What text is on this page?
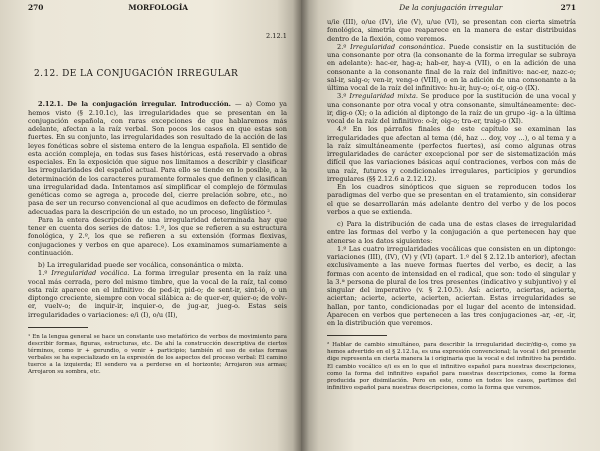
270	MORFOLOGÍA
2.12.1
2.12. DE LA CONJUGACIÓN IRREGULAR

2.12.1. De la conjugación irregular. Introducción. — a) Como ya hemos visto (§ 2.10.1c), las irregularidades que se presentan en la conjugación española, con raras excepciones de que hablaremos más adelante, afectan a la raíz verbal. Son pocos los casos en que estas son fuertes. En su conjunto, las irregularidades son resultado de la acción de las leyes fonéticas sobre el sistema entero de la lengua española. El sentido de esta acción compleja, en todas sus fases históricas, está reservado a obras especiales. En la exposición que sigue nos limitamos a describir y clasificar las irregularidades del español actual. Para ello se tiende en lo posible, a la determinación de los caracteres puramente formales que definen y clasifican una irregularidad dada. Intentamos así simplificar el complejo de fórmulas genéticas como se agrega a, procede del, cierre prelación sobre, etc., no pasa de ser un recurso convencional al que acudimos en defecto de fórmulas adecuadas para la descripción de un estado, no un proceso, lingüístico ².

Para la entera descripción de una irregularidad determinada hay que tener en cuenta dos series de datos: 1.º, los que se refieren a su estructura fonológica, y 2.º, los que se refieren a su extensión (formas flexivas, conjugaciones y verbos en que aparece). Los examinamos sumariamente a continuación.

b) La irregularidad puede ser vocálica, consonántica o mixta.

1.º Irregularidad vocálica. La forma irregular presenta en la raíz una vocal más cerrada, pero del mismo timbre, que la vocal de la raíz, tal como esta raíz aparece en el infinitivo: de ped-ir, pid-o; de sent-ir, sint-ió, o un diptongo creciente, siempre con vocal silábica a: de quer-er, quier-o; de volv-er, vuelv-o; de inquir-ir, inquier-o, de jug-ar, jueg-o. Estas seis irregularidades o variaciones: e/i (I), o/u (II),

¹ En la lengua general se hace un constante uso metafórico de verbos de movimiento para describir formas, figuras, estructuras, etc. De ahí la construcción descriptiva de ciertos términos, como ir + gerundio, o venir + participio; también el uso de estas formas verbales se ha especializado en la expresión de los aspectos del proceso verbal: El camino tuerce a la izquierda; El sendero va a perderse en el horizonte; Arrojaron sus armas; Arrojaron su sombra, etc.

De la conjugación irregular	271

u/ie (III), o/ue (IV), i/ie (V), u/ue (VI), se presentan con cierta simetría fonológica, simetría que reaparece en la manera de estar distribuidas dentro de la flexión, como veremos.

2.º Irregularidad consonántica. Puede consistir en la sustitución de una consonante por otra (la consonante de la forma irregular se subraya en adelante): hac-er, hag-a; hab-er, hay-a (VII), o en la adición de una consonante a la consonante final de la raíz del infinitivo: nac-er, nazc-o; sal-ir, salg-o; ven-ir, veng-o (VIII), o en la adición de una consonante a la última vocal de la raíz del infinitivo: hu-ir, huy-o; oí-r, oig-o (IX).

3.º Irregularidad mixta. Se produce por la sustitución de una vocal y una consonante por otra vocal y otra consonante, simultáneamente: dec-ir, dig-o (X); o la adición al diptongo de la raíz de un grupo -ig- a la última vocal de la raíz del infinitivo: o-ír, oig-o; tra-er, traig-o (XI).

4.º En los párrafos finales de este capítulo se examinan las irregularidades que afectan al tema (dé, haz ... doy, voy ...), o al tema y a la raíz simultáneamente (perfectos fuertes), así como algunas otras irregularidades de carácter excepcional por ser de sistematización más difícil que las variaciones básicas aquí contraciones, verbos con más de una raíz, futuros y condicionales irregulares, participios y gerundios irregulares (§§ 2.12.6 a 2.12.12).

En los cuadros sinópticos que siguen se reproducen todos los paradigmas del verbo que se presentan en el tratamiento, sin considerar el que se desarrollarán más adelante dentro del verbo y de los pocos verbos a que se extienda.

c) Para la distribución de cada una de estas clases de irregularidad entre las formas del verbo y la conjugación a que pertenecen hay que atenerse a los datos siguientes:

1.º Las cuatro irregularidades vocálicas que consisten en un diptongo: variaciones (III), (IV), (V) y (VI) (apart. 1.º del § 2.12.1b anterior), afectan exclusivamente a las nueve formas fuertes del verbo, es decir, a las formas con acento de intensidad en el radical, que son: todo el singular y la 3.ª persona de plural de los tres presentes (indicativo y subjuntivo) y el singular del imperativo (v. § 2.10.5). Así: acierto, aciertas, acierta, aciertan; acierte, acierte, acierten, aciertan. Estas irregularidades se hallan, por tanto, condicionadas por el lugar del acento de intensidad. Aparecen en verbos que pertenecen a las tres conjugaciones -ar, -er, -ir, en la distribución que veremos.

² Hablar de cambio simultáneo, para describir la irregularidad decir/dig-o, como ya hemos advertido en el § 2.12.1a, es una expresión convencional; la vocal i del presente dige representa en cierta manera la i originaria que la vocal e del infinitivo ha perdido. El cambio vocálico e/i es en lo que el infinitivo español para nuestras descripciones, como la forma del infinitivo español para nuestras descripciones, como la forma producida por disimilación. Pero en este, como en todos los casos, partimos del infinitivo español para nuestras descripciones, como la forma que veremos.
